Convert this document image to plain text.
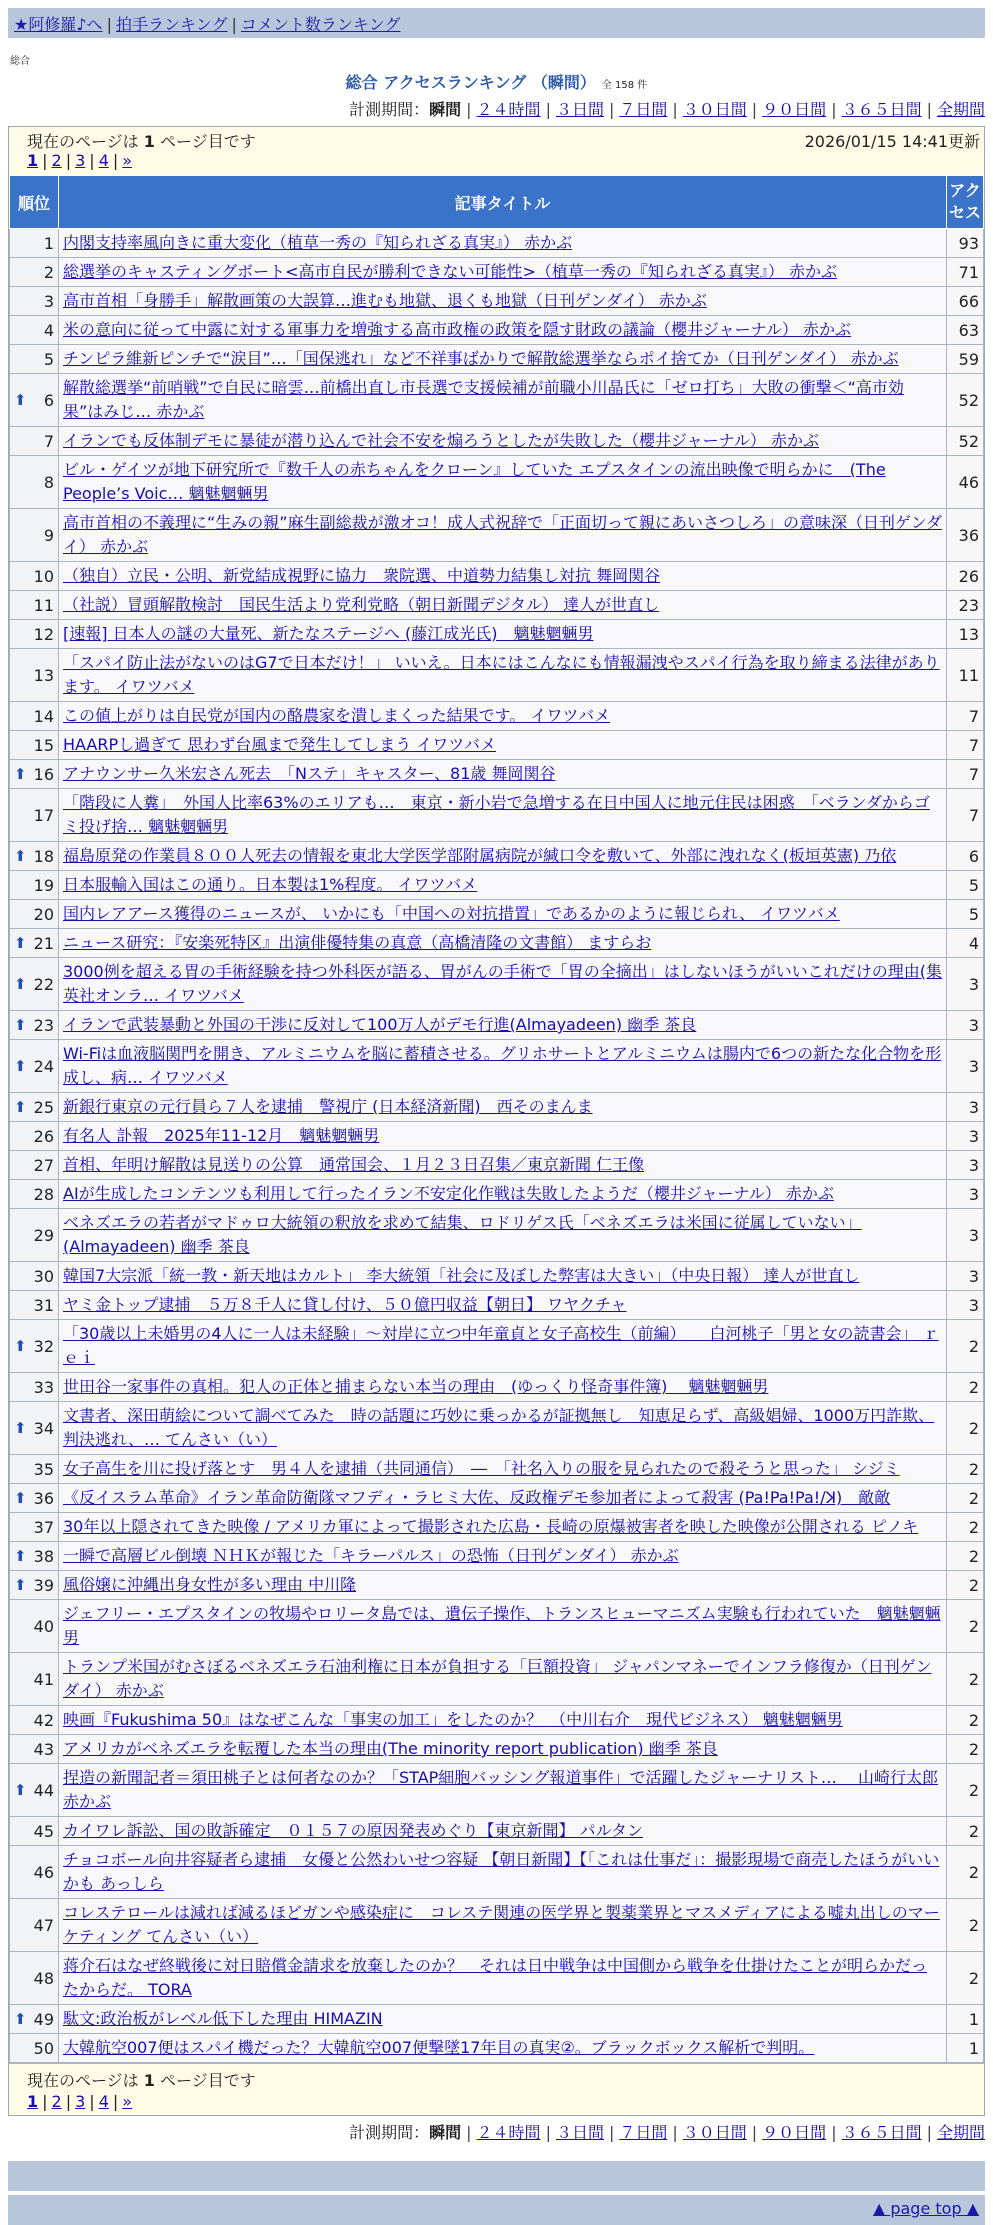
★阿修羅♪へ | 拍手ランキング | コメント数ランキング
総合
総合 アクセスランキング （瞬間） 全 158 件
計測期間：瞬間 | ２４時間 | ３日間 | ７日間 | ３０日間 | ９０日間 | ３６５日間 | 全期間
現在のページは 1 ページ目です	2026/01/15 14:41更新
1 | 2 | 3 | 4 | »
順位	記事タイトル	アクセス
1	内閣支持率風向きに重大変化（植草一秀の『知られざる真実』） 赤かぶ	93
2	総選挙のキャスティングボート<高市自民が勝利できない可能性>（植草一秀の『知られざる真実』） 赤かぶ	71
3	高市首相「身勝手」解散画策の大誤算…進むも地獄、退くも地獄（日刊ゲンダイ） 赤かぶ	66
4	米の意向に従って中露に対する軍事力を増強する高市政権の政策を隠す財政の議論（櫻井ジャーナル） 赤かぶ	63
5	チンピラ維新ピンチで“涙目”…「国保逃れ」など不祥事ばかりで解散総選挙ならポイ捨てか（日刊ゲンダイ） 赤かぶ	59

⬆ 6	解散総選挙“前哨戦”で自民に暗雲…前橋出直し市長選で支援候補が前職小川晶氏に「ゼロ打ち」大敗の衝撃＜“高市効果”はみじ… 赤かぶ	52
7	イランでも反体制デモに暴徒が潜り込んで社会不安を煽ろうとしたが失敗した（櫻井ジャーナル） 赤かぶ	52
8	ビル・ゲイツが地下研究所で『数千人の赤ちゃんをクローン』していた エプスタインの流出映像で明らかに　(The People’s Voic… 魑魅魍魎男	46
9	高市首相の不義理に“生みの親”麻生副総裁が激オコ！成人式祝辞で「正面切って親にあいさつしろ」の意味深（日刊ゲンダイ） 赤かぶ	36
10	（独自）立民・公明、新党結成視野に協力　衆院選、中道勢力結集し対抗 舞岡関谷	26
11	（社説）冒頭解散検討　国民生活より党利党略（朝日新聞デジタル） 達人が世直し	23
12	[速報] 日本人の謎の大量死、新たなステージへ (藤江成光氏)　魑魅魍魎男	13
13	「スパイ防止法がないのはG7で日本だけ！」 いいえ。日本にはこんなにも情報漏洩やスパイ行為を取り締まる法律があります。 イワツバメ	11
14	この値上がりは自民党が国内の酪農家を潰しまくった結果です。 イワツバメ	7
15	HAARPし過ぎて 思わず台風まで発生してしまう イワツバメ	7

⬆ 16	アナウンサー久米宏さん死去　「Nステ」キャスター、81歳 舞岡関谷	7
17	「階段に人糞」　外国人比率63%のエリアも…　東京・新小岩で急増する在日中国人に地元住民は困惑　「ベランダからゴミ投げ捨… 魑魅魍魎男	7

⬆ 18	福島原発の作業員８００人死去の情報を東北大学医学部附属病院が緘口令を敷いて、外部に洩れなく(板垣英憲) 乃依	6
19	日本服輸入国はこの通り。日本製は1%程度。 イワツバメ	5
20	国内レアアース獲得のニュースが、 いかにも「中国への対抗措置」であるかのように報じられ、 イワツバメ	5

⬆ 21	ニュース研究：『安楽死特区』出演俳優特集の真意（高橋清隆の文書館） ますらお	4

⬆ 22	3000例を超える胃の手術経験を持つ外科医が語る、胃がんの手術で「胃の全摘出」はしないほうがいいこれだけの理由(集英社オンラ… イワツバメ	3

⬆ 23	イランで武装暴動と外国の干渉に反対して100万人がデモ行進(Almayadeen) 幽季 茶良	3

⬆ 24	Wi-Fiは血液脳関門を開き、アルミニウムを脳に蓄積させる。グリホサートとアルミニウムは腸内で6つの新たな化合物を形成し、病… イワツバメ	3

⬆ 25	新銀行東京の元行員ら７人を逮捕　警視庁 (日本経済新聞)　西そのまんま	3
26	有名人 訃報　2025年11-12月　魑魅魍魎男	3
27	首相、年明け解散は見送りの公算　通常国会、１月２３日召集／東京新聞 仁王像	3
28	AIが生成したコンテンツも利用して行ったイラン不安定化作戦は失敗したようだ（櫻井ジャーナル） 赤かぶ	3
29	ベネズエラの若者がマドゥロ大統領の釈放を求めて結集、ロドリゲス氏「ベネズエラは米国に従属していない」(Almayadeen) 幽季 茶良	3
30	韓国7大宗派「統一教・新天地はカルト」 李大統領「社会に及ぼした弊害は大きい」（中央日報） 達人が世直し	3
31	ヤミ金トップ逮捕　５万８千人に貸し付け、５０億円収益【朝日】 ワヤクチャ	3

⬆ 32	「30歳以上未婚男の4人に一人は未経験」～対岸に立つ中年童貞と女子高校生（前編）　　白河桃子「男と女の読書会」 ｒｅｉ	2
33	世田谷一家事件の真相。犯人の正体と捕まらない本当の理由　(ゆっくり怪奇事件簿)　 魑魅魍魎男	2

⬆ 34	文書者、深田萌絵について調べてみた　時の話題に巧妙に乗っかるが証拠無し　知恵足らず、高級娼婦、1000万円詐欺、判決逃れ、… てんさい（い）	2
35	女子高生を川に投げ落とす　男４人を逮捕（共同通信）　―　「社名入りの服を見られたので殺そうと思った」 シジミ	2

⬆ 36	《反イスラム革命》イラン革命防衛隊マフディ・ラヒミ大佐、反政権デモ参加者によって殺害 (Pa!Pa!Pa!/ꓘ)　敵敵	2
37	30年以上隠されてきた映像 / アメリカ軍によって撮影された広島・長崎の原爆被害者を映した映像が公開される ピノキ	2

⬆ 38	一瞬で高層ビル倒壊 ＮＨＫが報じた「キラーパルス」の恐怖（日刊ゲンダイ） 赤かぶ	2

⬆ 39	風俗嬢に沖縄出身女性が多い理由 中川隆	2
40	ジェフリー・エプスタインの牧場やロリータ島では、遺伝子操作、トランスヒューマニズム実験も行われていた　魑魅魍魎男	2
41	トランプ米国がむさぼるベネズエラ石油利権に日本が負担する「巨額投資」 ジャパンマネーでインフラ修復か（日刊ゲンダイ） 赤かぶ	2
42	映画『Fukushima 50』はなぜこんな「事実の加工」をしたのか？　（中川右介　現代ビジネス） 魑魅魍魎男	2
43	アメリカがベネズエラを転覆した本当の理由(The minority report publication) 幽季 茶良	2

⬆ 44	捏造の新聞記者＝須田桃子とは何者なのか？「STAP細胞バッシング報道事件」で活躍したジャーナリスト…　 山崎行太郎 赤かぶ	2
45	カイワレ訴訟、国の敗訴確定　０１５７の原因発表めぐり【東京新聞】 パルタン	2
46	チョコボール向井容疑者ら逮捕　女優と公然わいせつ容疑 【朝日新聞】【「これは仕事だ」：撮影現場で商売したほうがいいかも あっしら	2
47	コレステロールは減れば減るほどガンや感染症に　コレステ関連の医学界と製薬業界とマスメディアによる嘘丸出しのマーケティング てんさい（い）	2
48	蒋介石はなぜ終戦後に対日賠償金請求を放棄したのか？　それは日中戦争は中国側から戦争を仕掛けたことが明らかだったからだ。 TORA	2

⬆ 49	駄文:政治板がレベル低下した理由 HIMAZIN	1
50	大韓航空007便はスパイ機だった？大韓航空007便撃墜17年目の真実②。ブラックボックス解析で判明。	1
現在のページは 1 ページ目です
1 | 2 | 3 | 4 | »
計測期間：瞬間 | ２４時間 | ３日間 | ７日間 | ３０日間 | ９０日間 | ３６５日間 | 全期間
▲ page top ▲
